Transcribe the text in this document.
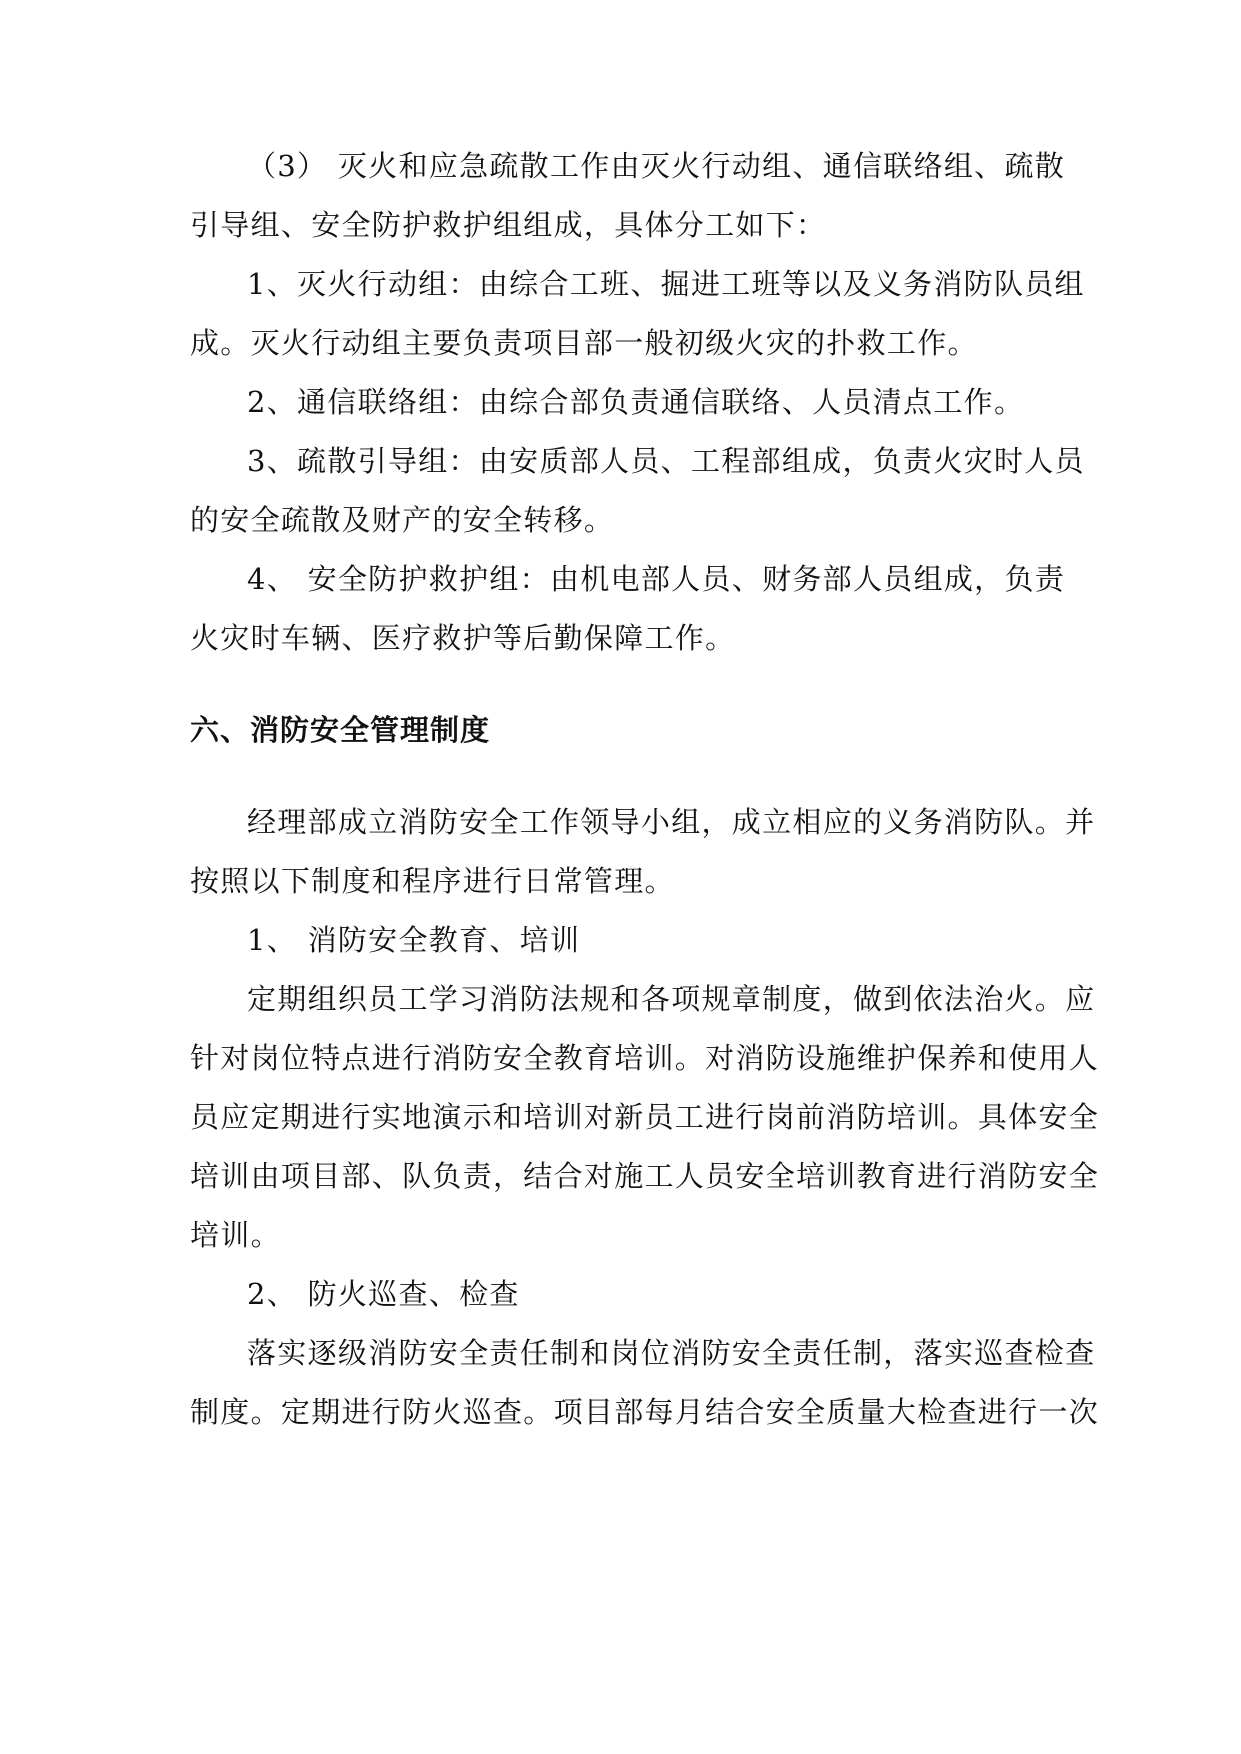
（3） 灭火和应急疏散工作由灭火行动组、通信联络组、疏散
引导组、安全防护救护组组成，具体分工如下：
1、灭火行动组：由综合工班、掘进工班等以及义务消防队员组
成。灭火行动组主要负责项目部一般初级火灾的扑救工作。
2、通信联络组：由综合部负责通信联络、人员清点工作。
3、疏散引导组：由安质部人员、工程部组成，负责火灾时人员
的安全疏散及财产的安全转移。
4、 安全防护救护组：由机电部人员、财务部人员组成，负责
火灾时车辆、医疗救护等后勤保障工作。
六、消防安全管理制度
经理部成立消防安全工作领导小组，成立相应的义务消防队。并
按照以下制度和程序进行日常管理。
1、 消防安全教育、培训
定期组织员工学习消防法规和各项规章制度，做到依法治火。应
针对岗位特点进行消防安全教育培训。对消防设施维护保养和使用人
员应定期进行实地演示和培训对新员工进行岗前消防培训。具体安全
培训由项目部、队负责，结合对施工人员安全培训教育进行消防安全
培训。
2、 防火巡查、检查
落实逐级消防安全责任制和岗位消防安全责任制，落实巡查检查
制度。定期进行防火巡查。项目部每月结合安全质量大检查进行一次
